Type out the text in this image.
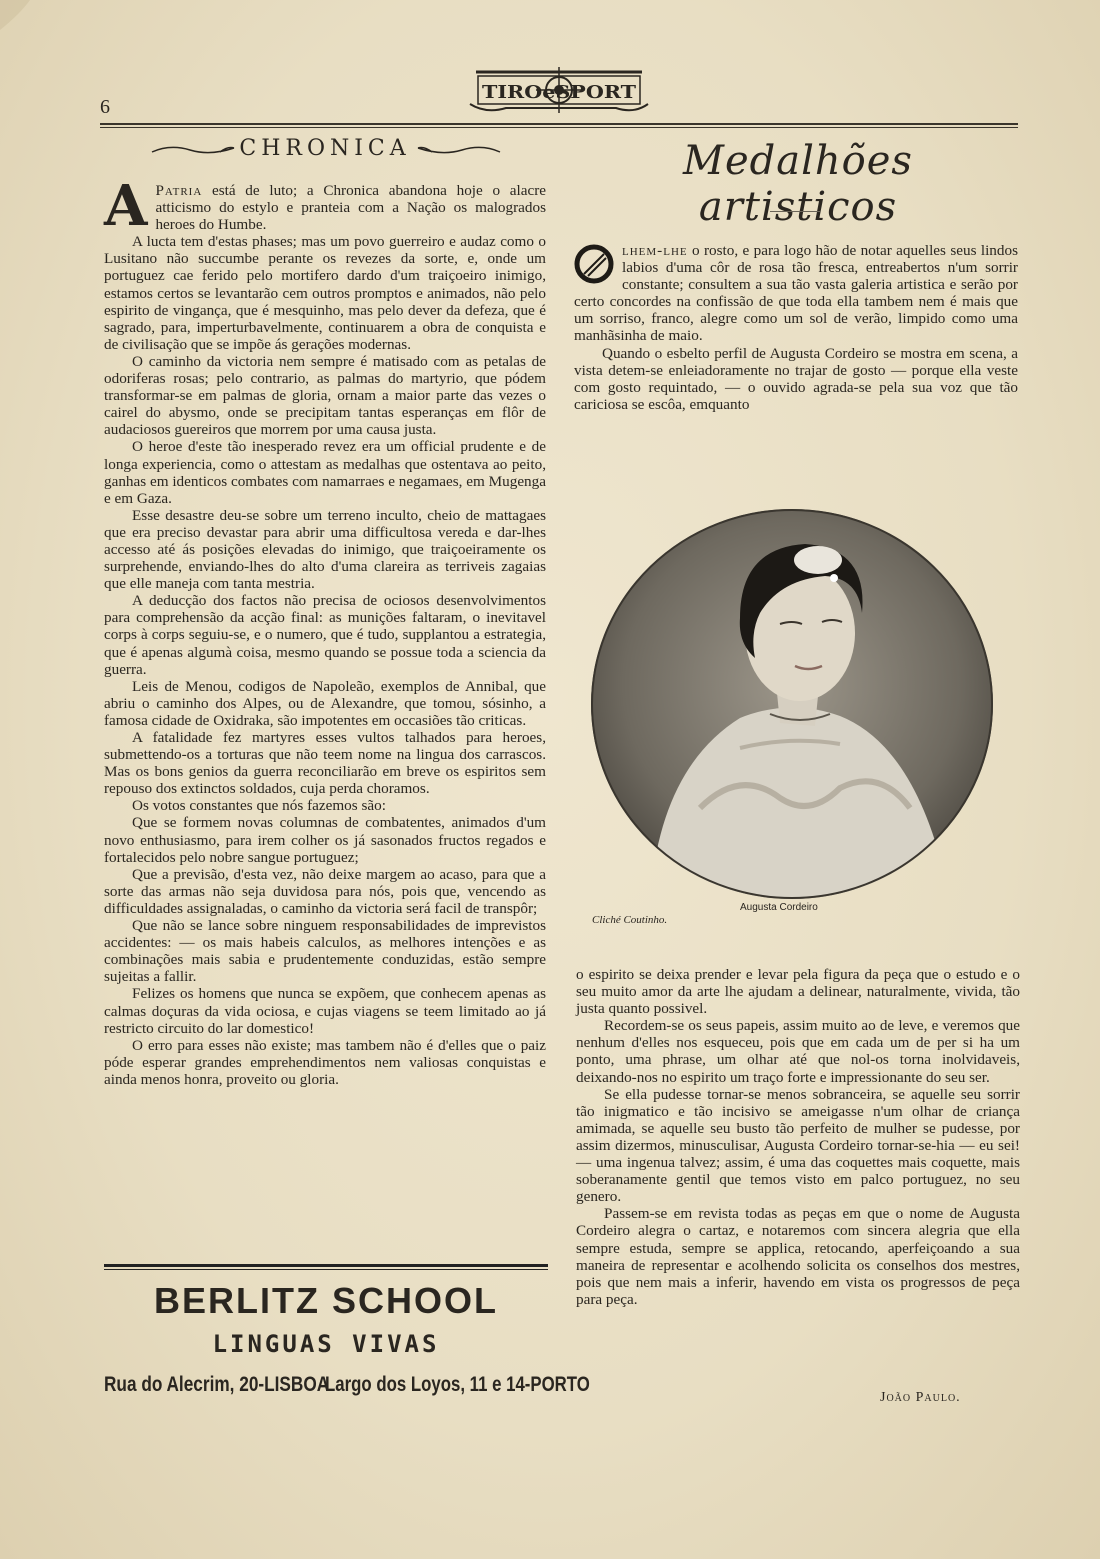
6
TIROeSPORT
CHRONICA

A Patria está de luto; a Chronica abandona hoje o alacre atticismo do estylo e pranteia com a Nação os malogrados heroes do Humbe.

A lucta tem d'estas phases; mas um povo guerreiro e audaz como o Lusitano não succumbe perante os revezes da sorte, e, onde um portuguez cae ferido pelo mortifero dardo d'um traiçoeiro inimigo, estamos certos se levantarão cem outros promptos e animados, não pelo espirito de vingança, que é mesquinho, mas pelo dever da defeza, que é sagrado, para, imperturbavelmente, continuarem a obra de conquista e de civilisação que se impõe ás gerações modernas.

O caminho da victoria nem sempre é matisado com as petalas de odoriferas rosas; pelo contrario, as palmas do martyrio, que pódem transformar-se em palmas de gloria, ornam a maior parte das vezes o cairel do abysmo, onde se precipitam tantas esperanças em flôr de audaciosos guereiros que morrem por uma causa justa.

O heroe d'este tão inesperado revez era um official prudente e de longa experiencia, como o attestam as medalhas que ostentava ao peito, ganhas em identicos combates com namarraes e negamaes, em Mugenga e em Gaza.

Esse desastre deu-se sobre um terreno inculto, cheio de mattagaes que era preciso devastar para abrir uma difficultosa vereda e dar-lhes accesso até ás posições elevadas do inimigo, que traiçoeiramente os surprehende, enviando-lhes do alto d'uma clareira as terriveis zagaias que elle maneja com tanta mestria.

A deducção dos factos não precisa de ociosos desenvolvimentos para comprehensão da acção final: as munições faltaram, o inevitavel corps à corps seguiu-se, e o numero, que é tudo, supplantou a estrategia, que é apenas algumà coisa, mesmo quando se possue toda a sciencia da guerra.

Leis de Menou, codigos de Napoleão, exemplos de Annibal, que abriu o caminho dos Alpes, ou de Alexandre, que tomou, sósinho, a famosa cidade de Oxidraka, são impotentes em occasiões tão criticas.

A fatalidade fez martyres esses vultos talhados para heroes, submettendo-os a torturas que não teem nome na lingua dos carrascos. Mas os bons genios da guerra reconciliarão em breve os espiritos sem repouso dos extinctos soldados, cuja perda choramos.

Os votos constantes que nós fazemos são:

Que se formem novas columnas de combatentes, animados d'um novo enthusiasmo, para irem colher os já sasonados fructos regados e fortalecidos pelo nobre sangue portuguez;

Que a previsão, d'esta vez, não deixe margem ao acaso, para que a sorte das armas não seja duvidosa para nós, pois que, vencendo as difficuldades assignaladas, o caminho da victoria será facil de transpôr;

Que não se lance sobre ninguem responsabilidades de imprevistos accidentes: — os mais habeis calculos, as melhores intenções e as combinações mais sabia e prudentemente conduzidas, estão sempre sujeitas a fallir.

Felizes os homens que nunca se expõem, que conhecem apenas as calmas doçuras da vida ociosa, e cujas viagens se teem limitado ao já restricto circuito do lar domestico!

O erro para esses não existe; mas tambem não é d'elles que o paiz póde esperar grandes emprehendimentos nem valiosas conquistas e ainda menos honra, proveito ou gloria.

BERLITZ SCHOOL
LINGUAS VIVAS
Rua do Alecrim, 20-LISBOA
Largo dos Loyos, 11 e 14-PORTO
Medalhões artisticos

lhem-lhe o rosto, e para logo hão de notar aquelles seus lindos labios d'uma côr de rosa tão fresca, entreabertos n'um sorrir constante; consultem a sua tão vasta galeria artistica e serão por certo concordes na confissão de que toda ella tambem nem é mais que um sorriso, franco, alegre como um sol de verão, limpido como uma manhãsinha de maio.

Quando o esbelto perfil de Augusta Cordeiro se mostra em scena, a vista detem-se enleiadoramente no trajar de gosto — porque ella veste com gosto requintado, — o ouvido agrada-se pela sua voz que tão cariciosa se escôa, emquanto

Augusta Cordeiro
Cliché Coutinho.

o espirito se deixa prender e levar pela figura da peça que o estudo e o seu muito amor da arte lhe ajudam a delinear, naturalmente, vivida, tão justa quanto possivel.

Recordem-se os seus papeis, assim muito ao de leve, e veremos que nenhum d'elles nos esqueceu, pois que em cada um de per si ha um ponto, uma phrase, um olhar até que nol-os torna inolvidaveis, deixando-nos no espirito um traço forte e impressionante do seu ser.

Se ella pudesse tornar-se menos sobranceira, se aquelle seu sorrir tão inigmatico e tão incisivo se ameigasse n'um olhar de criança amimada, se aquelle seu busto tão perfeito de mulher se pudesse, por assim dizermos, minusculisar, Augusta Cordeiro tornar-se-hia — eu sei! — uma ingenua talvez; assim, é uma das coquettes mais coquette, mais soberanamente gentil que temos visto em palco portuguez, no seu genero.

Passem-se em revista todas as peças em que o nome de Augusta Cordeiro alegra o cartaz, e notaremos com sincera alegria que ella sempre estuda, sempre se applica, retocando, aperfeiçoando a sua maneira de representar e acolhendo solicita os conselhos dos mestres, pois que nem mais a inferir, havendo em vista os progressos de peça para peça.

João Paulo.
